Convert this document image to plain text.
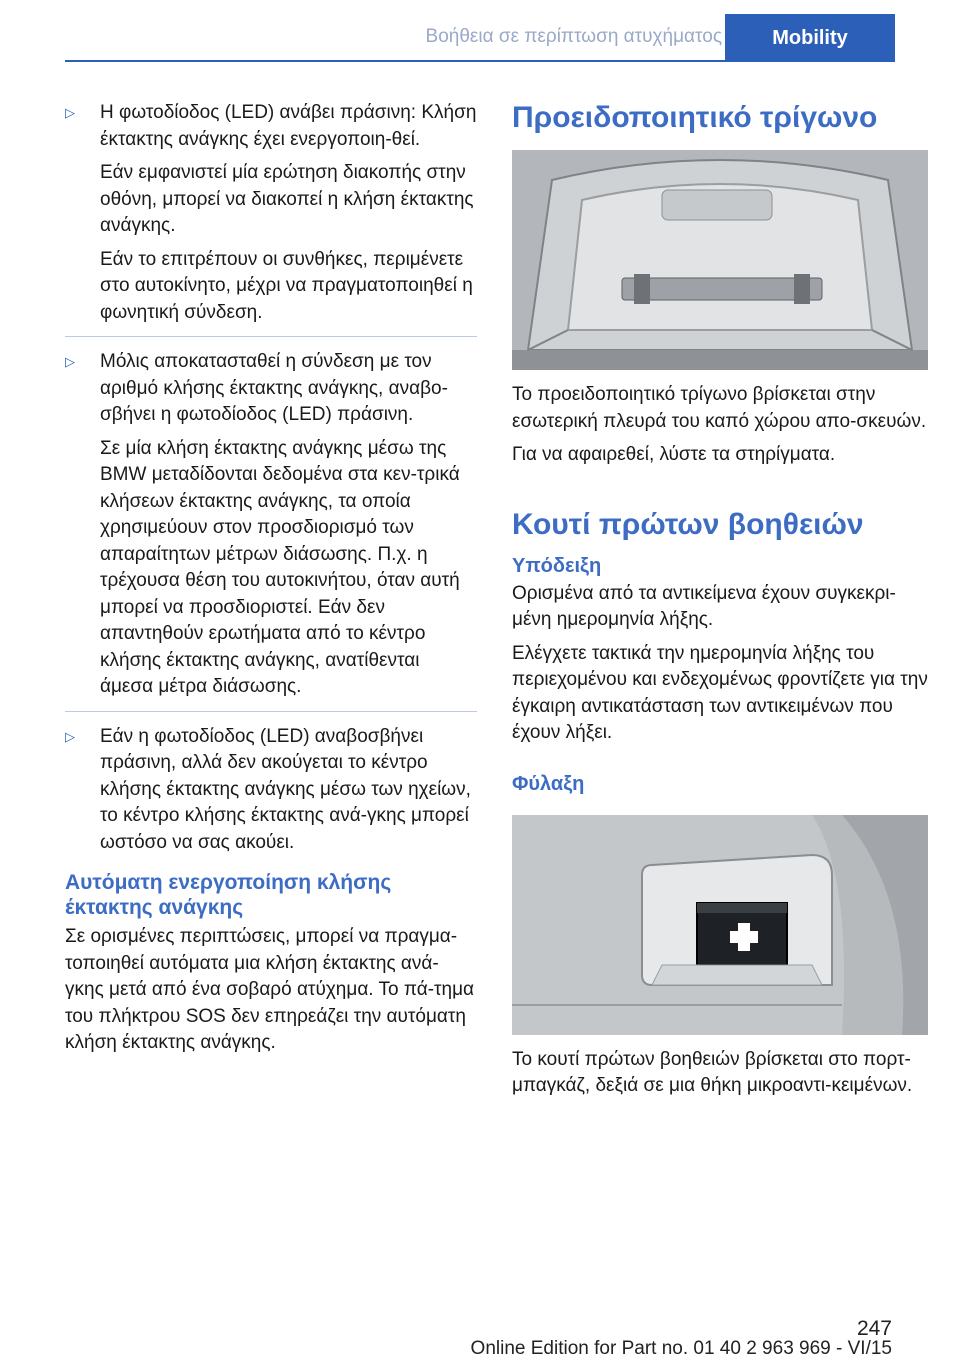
Βοήθεια σε περίπτωση ατυχήματος	Mobility
▷ Η φωτοδίοδος (LED) ανάβει πράσινη: Κλήση έκτακτης ανάγκης έχει ενεργοποιη-θεί.

Εάν εμφανιστεί μία ερώτηση διακοπής στην οθόνη, μπορεί να διακοπεί η κλήση έκτακτης ανάγκης.

Εάν το επιτρέπουν οι συνθήκες, περιμένετε στο αυτοκίνητο, μέχρι να πραγματοποιηθεί η φωνητική σύνδεση.

▷ Μόλις αποκατασταθεί η σύνδεση με τον αριθμό κλήσης έκτακτης ανάγκης, αναβο-σβήνει η φωτοδίοδος (LED) πράσινη.

Σε μία κλήση έκτακτης ανάγκης μέσω της BMW μεταδίδονται δεδομένα στα κεν-τρικά κλήσεων έκτακτης ανάγκης, τα οποία χρησιμεύουν στον προσδιορισμό των απαραίτητων μέτρων διάσωσης. Π.χ. η τρέχουσα θέση του αυτοκινήτου, όταν αυτή μπορεί να προσδιοριστεί. Εάν δεν απαντηθούν ερωτήματα από το κέντρο κλήσης έκτακτης ανάγκης, ανατίθενται άμεσα μέτρα διάσωσης.

▷ Εάν η φωτοδίοδος (LED) αναβοσβήνει πράσινη, αλλά δεν ακούγεται το κέντρο κλήσης έκτακτης ανάγκης μέσω των ηχείων, το κέντρο κλήσης έκτακτης ανά-γκης μπορεί ωστόσο να σας ακούει.

Αυτόματη ενεργοποίηση κλήσης έκτακτης ανάγκης

Σε ορισμένες περιπτώσεις, μπορεί να πραγμα-τοποιηθεί αυτόματα μια κλήση έκτακτης ανά-γκης μετά από ένα σοβαρό ατύχημα. Το πά-τημα του πλήκτρου SOS δεν επηρεάζει την αυτόματη κλήση έκτακτης ανάγκης.

Προειδοποιητικό τρίγωνο

Το προειδοποιητικό τρίγωνο βρίσκεται στην εσωτερική πλευρά του καπό χώρου απο-σκευών.

Για να αφαιρεθεί, λύστε τα στηρίγματα.

Κουτί πρώτων βοηθειών
Υπόδειξη

Ορισμένα από τα αντικείμενα έχουν συγκεκρι-μένη ημερομηνία λήξης.

Ελέγχετε τακτικά την ημερομηνία λήξης του περιεχομένου και ενδεχομένως φροντίζετε για την έγκαιρη αντικατάσταση των αντικειμένων που έχουν λήξει.

Φύλαξη

Το κουτί πρώτων βοηθειών βρίσκεται στο πορτ-μπαγκάζ, δεξιά σε μια θήκη μικροαντι-κειμένων.

247
Online Edition for Part no. 01 40 2 963 969 - VI/15
